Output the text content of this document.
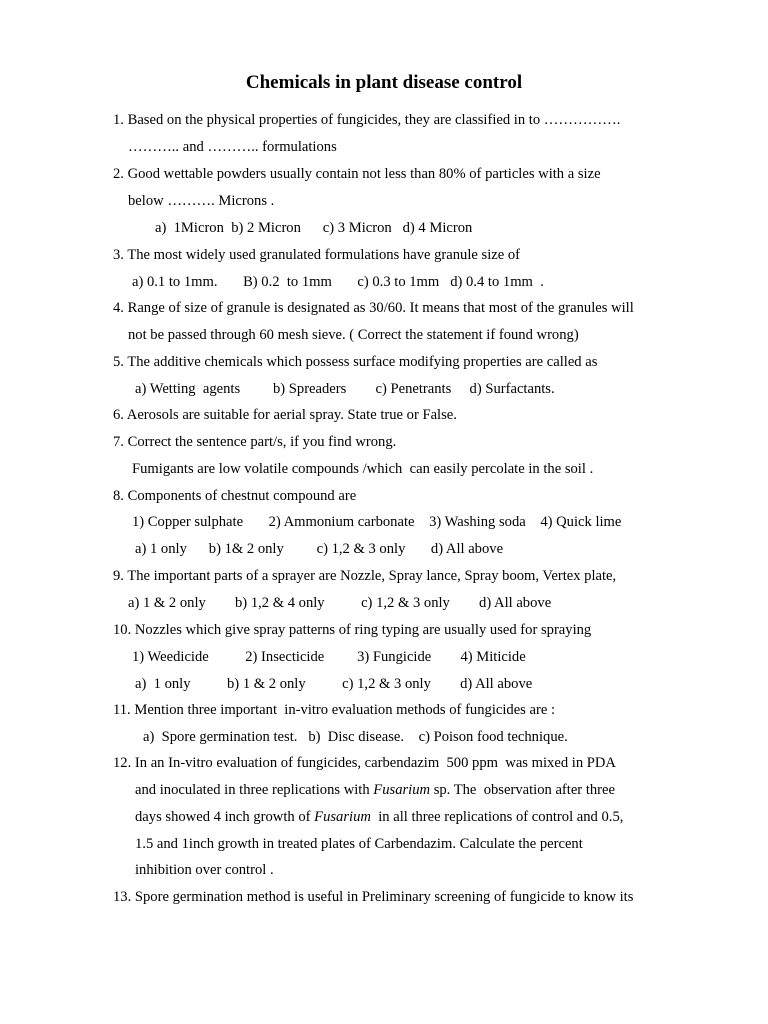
Chemicals in plant disease control
1. Based on the physical properties of fungicides, they are classified in to …………….
……….. and ……….. formulations
2. Good wettable powders usually contain not less than 80% of particles with a size
below ………. Microns .
a)  1Micron  b) 2 Micron      c) 3 Micron   d) 4 Micron
3. The most widely used granulated formulations have granule size of
a) 0.1 to 1mm.       B) 0.2  to 1mm       c) 0.3 to 1mm   d) 0.4 to 1mm  .
4. Range of size of granule is designated as 30/60. It means that most of the granules will
not be passed through 60 mesh sieve. ( Correct the statement if found wrong)
5. The additive chemicals which possess surface modifying properties are called as
a) Wetting  agents         b) Spreaders        c) Penetrants     d) Surfactants.
6. Aerosols are suitable for aerial spray. State true or False.
7. Correct the sentence part/s, if you find wrong.
Fumigants are low volatile compounds /which  can easily percolate in the soil .
8. Components of chestnut compound are
1) Copper sulphate       2) Ammonium carbonate    3) Washing soda    4) Quick lime
a) 1 only      b) 1& 2 only         c) 1,2 & 3 only       d) All above
9. The important parts of a sprayer are Nozzle, Spray lance, Spray boom, Vertex plate,
a) 1 & 2 only        b) 1,2 & 4 only          c) 1,2 & 3 only        d) All above
10. Nozzles which give spray patterns of ring typing are usually used for spraying
1) Weedicide          2) Insecticide         3) Fungicide        4) Miticide
a)  1 only          b) 1 & 2 only          c) 1,2 & 3 only        d) All above
11. Mention three important  in-vitro evaluation methods of fungicides are :
a)  Spore germination test.   b)  Disc disease.    c) Poison food technique.
12. In an In-vitro evaluation of fungicides, carbendazim  500 ppm  was mixed in PDA
and inoculated in three replications with Fusarium sp. The  observation after three
days showed 4 inch growth of Fusarium  in all three replications of control and 0.5,
1.5 and 1inch growth in treated plates of Carbendazim. Calculate the percent
inhibition over control .
13. Spore germination method is useful in Preliminary screening of fungicide to know its
